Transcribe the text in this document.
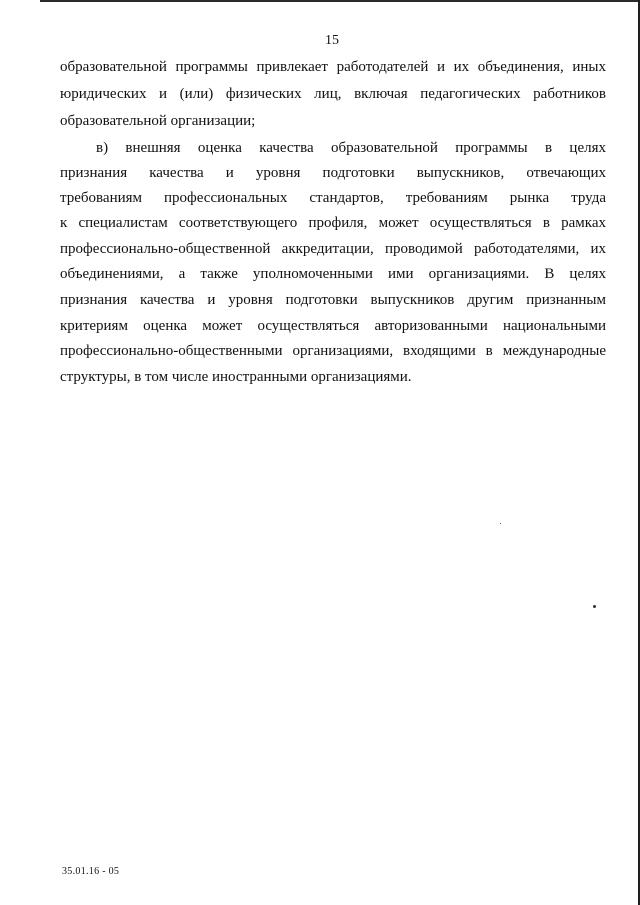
15
образовательной программы привлекает работодателей и их объединения, иных
юридических и (или) физических лиц, включая педагогических работников
образовательной организации;
в) внешняя оценка качества образовательной программы в целях
признания качества и уровня подготовки выпускников, отвечающих
требованиям профессиональных стандартов, требованиям рынка труда
к специалистам соответствующего профиля, может осуществляться в рамках
профессионально-общественной аккредитации, проводимой работодателями, их
объединениями, а также уполномоченными ими организациями. В целях
признания качества и уровня подготовки выпускников другим признанным
критериям оценка может осуществляться авторизованными национальными
профессионально-общественными организациями, входящими в международные
структуры, в том числе иностранными организациями.
35.01.16 - 05
